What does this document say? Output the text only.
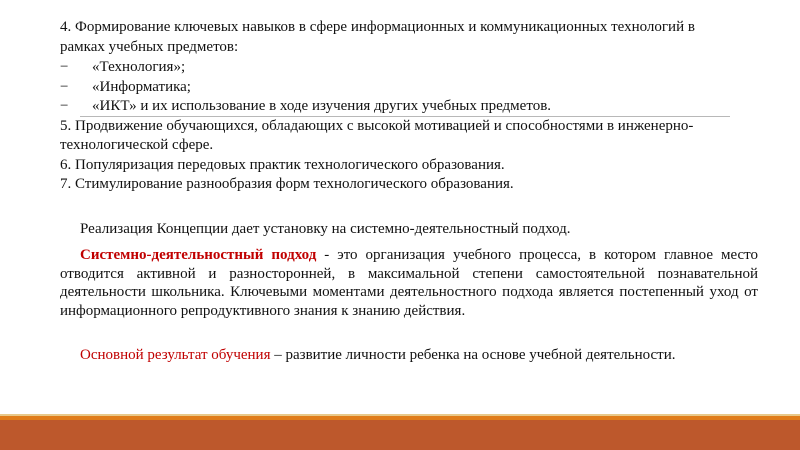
4. Формирование ключевых навыков в сфере информационных и коммуникационных технологий в
рамках учебных предметов:
− «Технология»;
− «Информатика;
− «ИКТ» и их использование в ходе изучения других учебных предметов.
5. Продвижение обучающихся, обладающих с высокой мотивацией и способностями в инженерно-
технологической сфере.
6. Популяризация передовых практик технологического образования.
7. Стимулирование разнообразия форм технологического образования.
Реализация Концепции дает установку на системно-деятельностный подход.
Системно-деятельностный подход - это организация учебного процесса, в котором главное место отводится активной и разносторонней, в максимальной степени самостоятельной познавательной деятельности школьника. Ключевыми моментами деятельностного подхода является постепенный уход от информационного репродуктивного знания к знанию действия.
Основной результат обучения – развитие личности ребенка на основе учебной деятельности.
